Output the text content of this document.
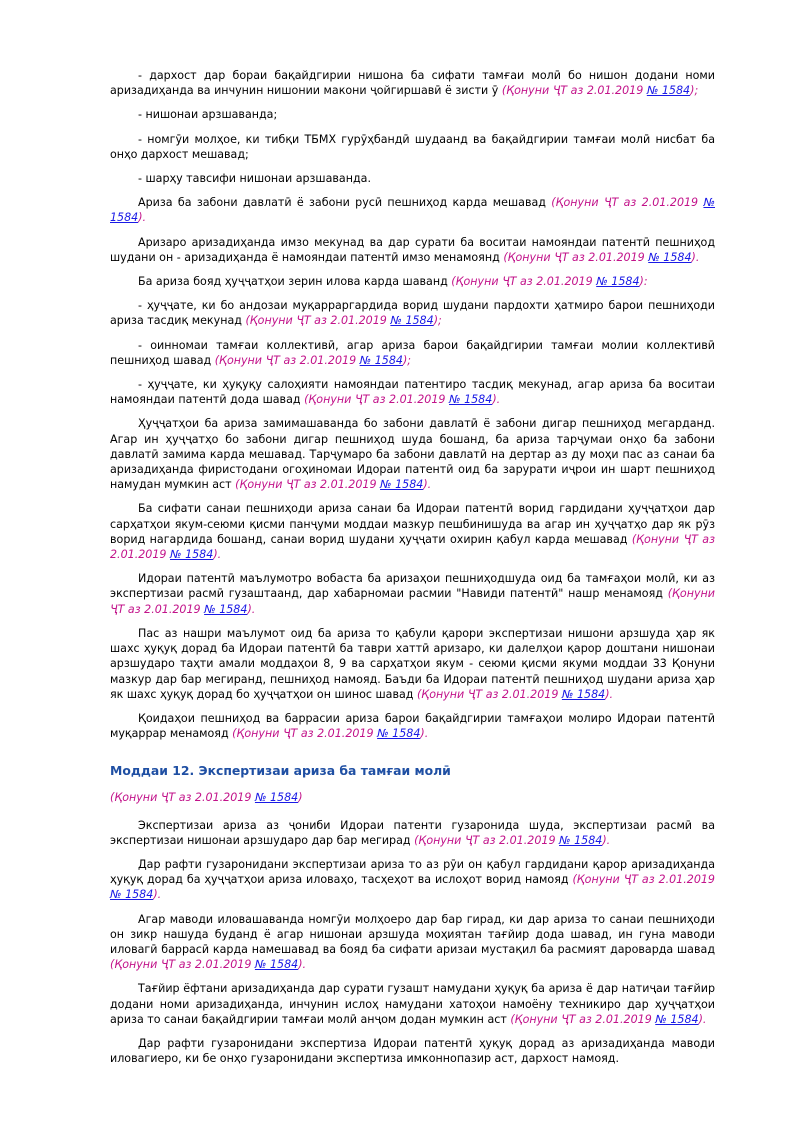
- дархост дар бораи бақайдгирии нишона ба сифати тамғаи молӣ бо нишон додани номи аризадиҳанда ва инчунин нишонии макони ҷойгиршавӣ ё зисти ӯ (Қонуни ҶТ аз 2.01.2019 № 1584);

- нишонаи арзшаванда;

- номгӯи молҳое, ки тибқи ТБМХ гурӯҳбандӣ шудаанд ва бақайдгирии тамғаи молӣ нисбат ба онҳо дархост мешавад;

- шарҳу тавсифи нишонаи арзшаванда.

Ариза ба забони давлатӣ ё забони русӣ пешниҳод карда мешавад (Қонуни ҶТ аз 2.01.2019 № 1584).

Аризаро аризадиҳанда имзо мекунад ва дар сурати ба воситаи намояндаи патентӣ пешниҳод шудани он - аризадиҳанда ё намояндаи патентӣ имзо менамоянд (Қонуни ҶТ аз 2.01.2019 № 1584).

Ба ариза бояд ҳуҷҷатҳои зерин илова карда шаванд (Қонуни ҶТ аз 2.01.2019 № 1584):

- ҳуҷҷате, ки бо андозаи муқарраргардида ворид шудани пардохти ҳатмиро барои пешниҳоди ариза тасдиқ мекунад (Қонуни ҶТ аз 2.01.2019 № 1584);

- оинномаи тамғаи коллективӣ, агар ариза барои бақайдгирии тамғаи молии коллективӣ пешниҳод шавад (Қонуни ҶТ аз 2.01.2019 № 1584);

- ҳуҷҷате, ки ҳуқуқу салоҳияти намояндаи патентиро тасдиқ мекунад, агар ариза ба воситаи намояндаи патентӣ дода шавад (Қонуни ҶТ аз 2.01.2019 № 1584).

Ҳуҷҷатҳои ба ариза замимашаванда бо забони давлатӣ ё забони дигар пешниҳод мегарданд. Агар ин ҳуҷҷатҳо бо забони дигар пешниҳод шуда бошанд, ба ариза тарҷумаи онҳо ба забони давлатӣ замима карда мешавад. Тарҷумаро ба забони давлатӣ на дертар аз ду моҳи пас аз санаи ба аризадиҳанда фиристодани огоҳиномаи Идораи патентӣ оид ба зарурати иҷрои ин шарт пешниҳод намудан мумкин аст (Қонуни ҶТ аз 2.01.2019 № 1584).

Ба сифати санаи пешниҳоди ариза санаи ба Идораи патентӣ ворид гардидани ҳуҷҷатҳои дар сарҳатҳои якум-сеюми қисми панҷуми моддаи мазкур пешбинишуда ва агар ин ҳуҷҷатҳо дар як рӯз ворид нагардида бошанд, санаи ворид шудани ҳуҷҷати охирин қабул карда мешавад (Қонуни ҶТ аз 2.01.2019 № 1584).

Идораи патентӣ маълумотро вобаста ба аризаҳои пешниҳодшуда оид ба тамғаҳои молӣ, ки аз экспертизаи расмӣ гузаштаанд, дар хабарномаи расмии "Навиди патентӣ" нашр менамояд (Қонуни ҶТ аз 2.01.2019 № 1584).

Пас аз нашри маълумот оид ба ариза то қабули қарори экспертизаи нишони арзшуда ҳар як шахс ҳуқуқ дорад ба Идораи патентӣ ба таври хаттӣ аризаро, ки далелҳои қарор доштани нишонаи арзшударо таҳти амали моддаҳои 8, 9 ва сарҳатҳои якум - сеюми қисми якуми моддаи 33 Қонуни мазкур дар бар мегиранд, пешниҳод намояд. Баъди ба Идораи патентӣ пешниҳод шудани ариза ҳар як шахс ҳуқуқ дорад бо ҳуҷҷатҳои он шинос шавад (Қонуни ҶТ аз 2.01.2019 № 1584).

Қоидаҳои пешниҳод ва баррасии ариза барои бақайдгирии тамғаҳои молиро Идораи патентӣ муқаррар менамояд (Қонуни ҶТ аз 2.01.2019 № 1584).

Моддаи 12. Экспертизаи ариза ба тамғаи молӣ

(Қонуни ҶТ аз 2.01.2019 № 1584)

Экспертизаи ариза аз ҷониби Идораи патенти гузаронида шуда, экспертизаи расмӣ ва экспертизаи нишонаи арзшударо дар бар мегирад (Қонуни ҶТ аз 2.01.2019 № 1584).

Дар рафти гузаронидани экспертизаи ариза то аз рӯи он қабул гардидани қарор аризадиҳанда ҳуқуқ дорад ба ҳуҷҷатҳои ариза иловаҳо, тасҳеҳот ва ислоҳот ворид намояд (Қонуни ҶТ аз 2.01.2019 № 1584).

Агар маводи иловашаванда номгӯи молҳоеро дар бар гирад, ки дар ариза то санаи пешниҳоди он зикр нашуда буданд ё агар нишонаи арзшуда моҳиятан тағйир дода шавад, ин гуна маводи иловагӣ баррасӣ карда намешавад ва бояд ба сифати аризаи мустақил ба расмият дароварда шавад (Қонуни ҶТ аз 2.01.2019 № 1584).

Тағйир ёфтани аризадиҳанда дар сурати гузашт намудани ҳуқуқ ба ариза ё дар натиҷаи тағйир додани номи аризадиҳанда, инчунин ислоҳ намудани хатоҳои намоёну техникиро дар ҳуҷҷатҳои ариза то санаи бақайдгирии тамғаи молӣ анҷом додан мумкин аст (Қонуни ҶТ аз 2.01.2019 № 1584).

Дар рафти гузаронидани экспертиза Идораи патентӣ ҳуқуқ дорад аз аризадиҳанда маводи иловагиеро, ки бе онҳо гузаронидани экспертиза имконнопазир аст, дархост намояд.
